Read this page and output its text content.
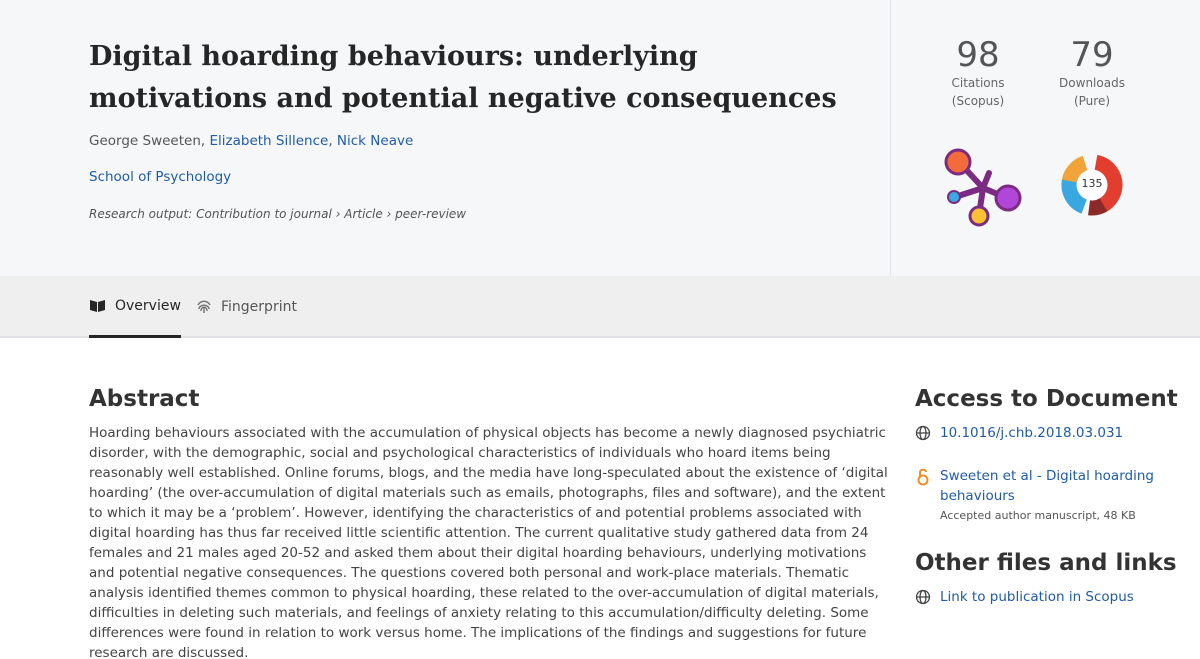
Digital hoarding behaviours: underlying motivations and potential negative consequences
George Sweeten, Elizabeth Sillence, Nick Neave
School of Psychology
Research output: Contribution to journal › Article › peer-review
98
Citations
(Scopus)
79
Downloads
(Pure)
135
Overview	Fingerprint
Abstract

Hoarding behaviours associated with the accumulation of physical objects has become a newly diagnosed psychiatric disorder, with the demographic, social and psychological characteristics of individuals who hoard items being reasonably well established. Online forums, blogs, and the media have long-speculated about the existence of ‘digital hoarding’ (the over-accumulation of digital materials such as emails, photographs, files and software), and the extent to which it may be a ‘problem’. However, identifying the characteristics of and potential problems associated with digital hoarding has thus far received little scientific attention. The current qualitative study gathered data from 24 females and 21 males aged 20-52 and asked them about their digital hoarding behaviours, underlying motivations and potential negative consequences. The questions covered both personal and work-place materials. Thematic analysis identified themes common to physical hoarding, these related to the over-accumulation of digital materials, difficulties in deleting such materials, and feelings of anxiety relating to this accumulation/difficulty deleting. Some differences were found in relation to work versus home. The implications of the findings and suggestions for future research are discussed.

Access to Document
10.1016/j.chb.2018.03.031
Sweeten et al - Digital hoarding behaviours
Accepted author manuscript, 48 KB
Other files and links
Link to publication in Scopus
